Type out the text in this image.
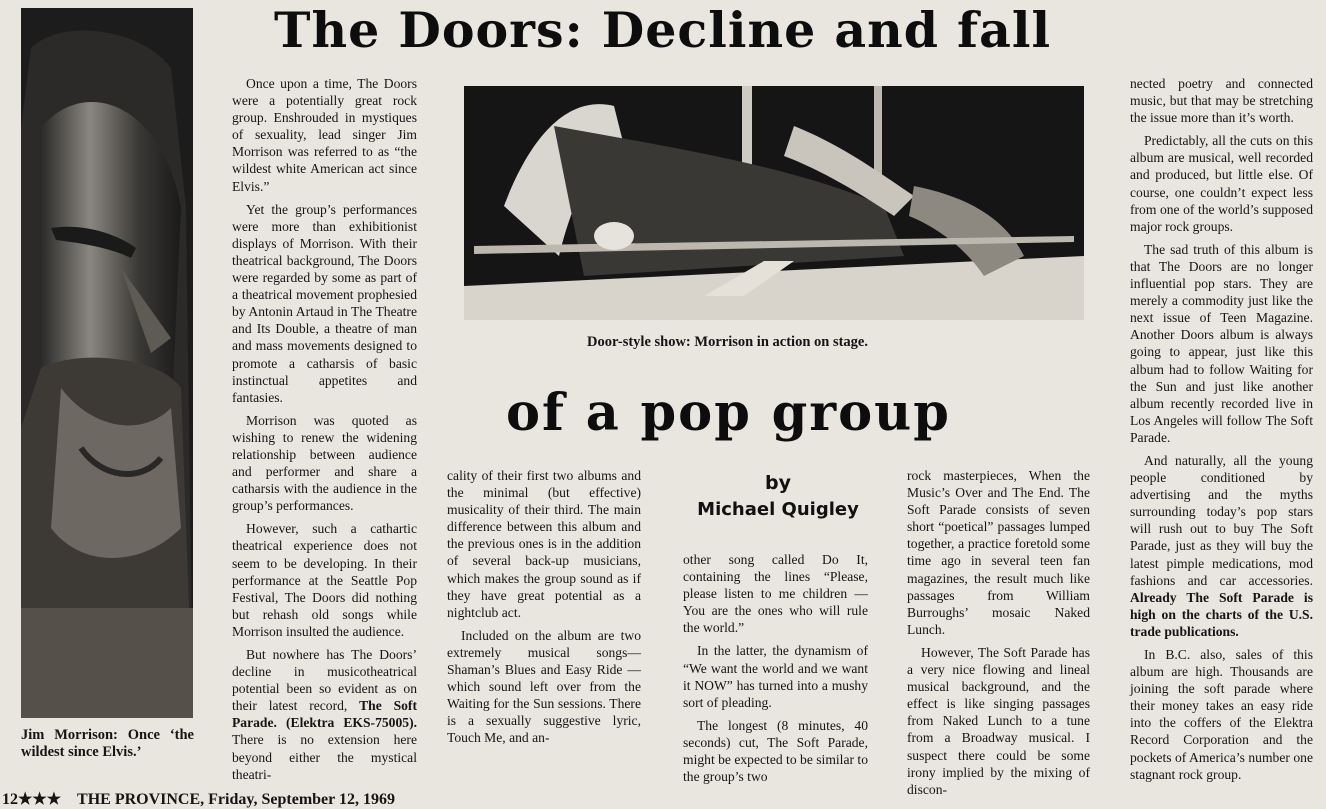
The Doors: Decline and fall
Jim Morrison: Once ‘the wildest since Elvis.’
Door-style show: Morrison in action on stage.
of a pop group
by
Michael Quigley

Once upon a time, The Doors were a potentially great rock group. Enshrouded in mystiques of sexuality, lead singer Jim Morrison was referred to as “the wildest white American act since Elvis.”

Yet the group’s performances were more than exhibitionist displays of Morrison. With their theatrical background, The Doors were regarded by some as part of a theatrical movement prophesied by Antonin Artaud in The Theatre and Its Double, a theatre of man and mass movements designed to promote a catharsis of basic instinctual appetites and fantasies.

Morrison was quoted as wishing to renew the widening relationship between audience and performer and share a catharsis with the audience in the group’s performances.

However, such a cathartic theatrical experience does not seem to be developing. In their performance at the Seattle Pop Festival, The Doors did nothing but rehash old songs while Morrison insulted the audience.

But nowhere has The Doors’ decline in musicotheatrical potential been so evident as on their latest record, The Soft Parade. (Elektra EKS-75005). There is no extension here beyond either the mystical theatri-

cality of their first two albums and the minimal (but effective) musicality of their third. The main difference between this album and the previous ones is in the addition of several back-up musicians, which makes the group sound as if they have great potential as a nightclub act.

Included on the album are two extremely musical songs—Shaman’s Blues and Easy Ride — which sound left over from the Waiting for the Sun sessions. There is a sexually suggestive lyric, Touch Me, and an-

other song called Do It, containing the lines “Please, please listen to me children —You are the ones who will rule the world.”

In the latter, the dynamism of “We want the world and we want it NOW” has turned into a mushy sort of pleading.

The longest (8 minutes, 40 seconds) cut, The Soft Parade, might be expected to be similar to the group’s two

rock masterpieces, When the Music’s Over and The End. The Soft Parade consists of seven short “poetical” passages lumped together, a practice foretold some time ago in several teen fan magazines, the result much like passages from William Burroughs’ mosaic Naked Lunch.

However, The Soft Parade has a very nice flowing and lineal musical background, and the effect is like singing passages from Naked Lunch to a tune from a Broadway musical. I suspect there could be some irony implied by the mixing of discon-

nected poetry and connected music, but that may be stretching the issue more than it’s worth.

Predictably, all the cuts on this album are musical, well recorded and produced, but little else. Of course, one couldn’t expect less from one of the world’s supposed major rock groups.

The sad truth of this album is that The Doors are no longer influential pop stars. They are merely a commodity just like the next issue of Teen Magazine. Another Doors album is always going to appear, just like this album had to follow Waiting for the Sun and just like another album recently recorded live in Los Angeles will follow The Soft Parade.

And naturally, all the young people conditioned by advertising and the myths surrounding today’s pop stars will rush out to buy The Soft Parade, just as they will buy the latest pimple medications, mod fashions and car accessories. Already The Soft Parade is high on the charts of the U.S. trade publications.

In B.C. also, sales of this album are high. Thousands are joining the soft parade where their money takes an easy ride into the coffers of the Elektra Record Corporation and the pockets of America’s number one stagnant rock group.

12★★★ THE PROVINCE, Friday, September 12, 1969
